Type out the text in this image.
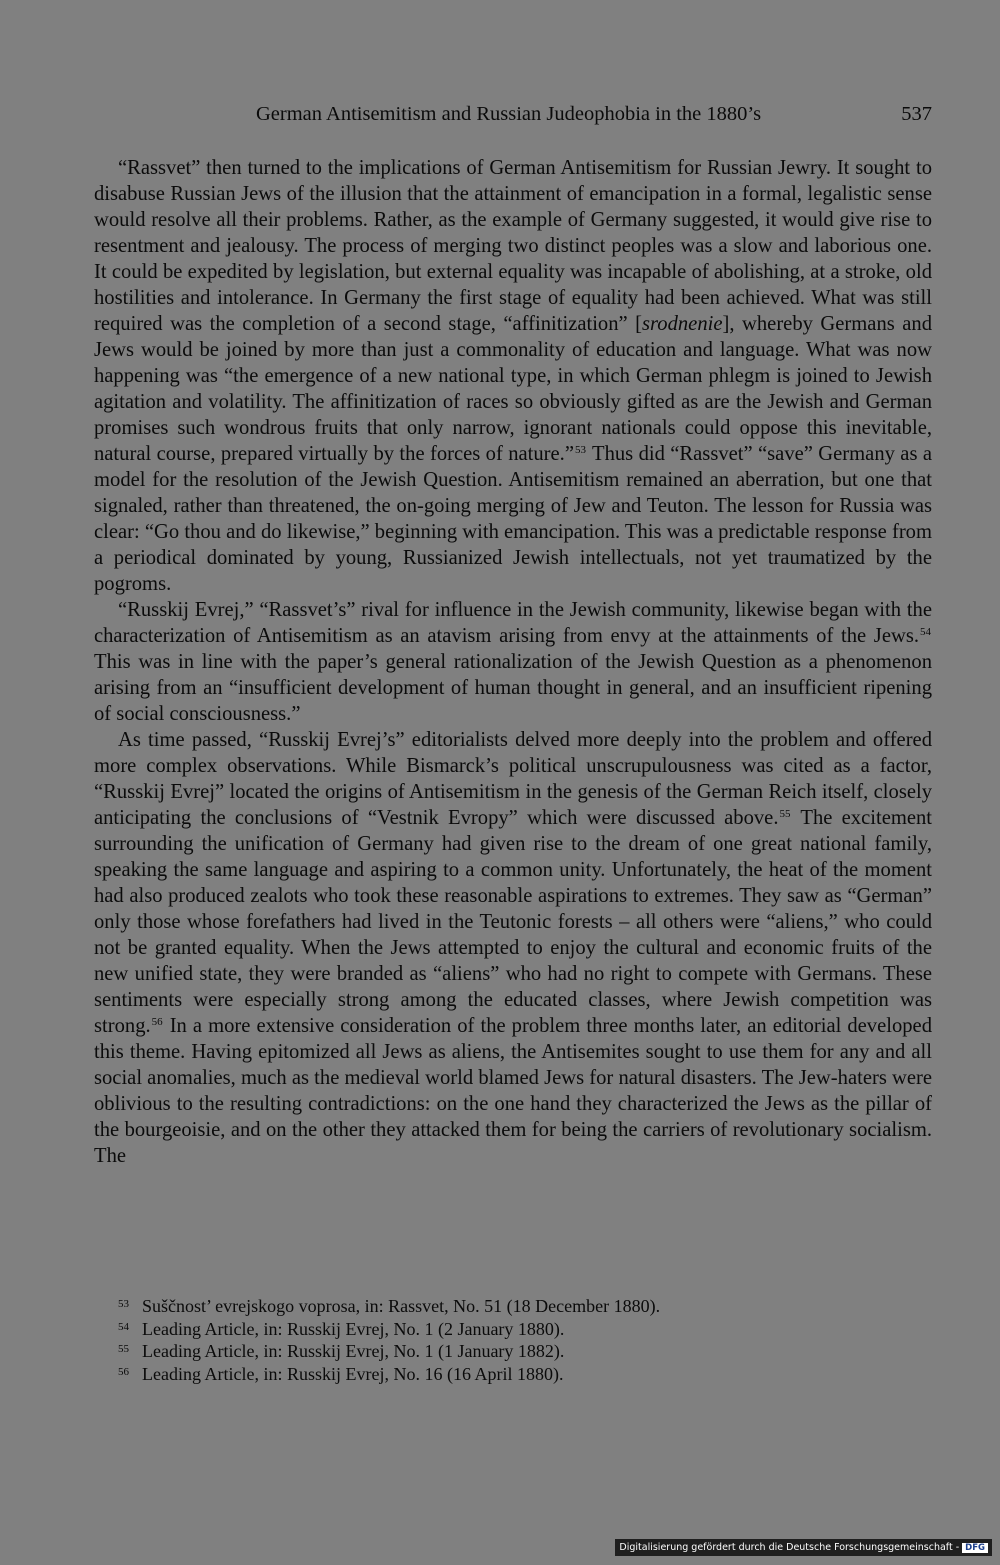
German Antisemitism and Russian Judeophobia in the 1880’s	537

“Rassvet” then turned to the implications of German Antisemitism for Russian Jewry. It sought to disabuse Russian Jews of the illusion that the attainment of emancipation in a formal, legalistic sense would resolve all their problems. Rather, as the example of Germany suggested, it would give rise to resentment and jealousy. The process of merging two distinct peoples was a slow and laborious one. It could be expedited by legislation, but external equality was incapable of abolishing, at a stroke, old hostilities and intolerance. In Germany the first stage of equality had been achieved. What was still required was the completion of a second stage, “affinitization” [srodnenie], whereby Germans and Jews would be joined by more than just a commonality of education and language. What was now happening was “the emergence of a new national type, in which German phlegm is joined to Jewish agitation and volatility. The affinitization of races so obviously gifted as are the Jewish and German promises such wondrous fruits that only narrow, ignorant nationals could oppose this inevitable, natural course, prepared virtually by the forces of nature.”$^{53}$ Thus did “Rassvet” “save” Germany as a model for the resolution of the Jewish Question. Antisemitism remained an aberration, but one that signaled, rather than threatened, the on-going merging of Jew and Teuton. The lesson for Russia was clear: “Go thou and do likewise,” beginning with emancipation. This was a predictable response from a periodical dominated by young, Russianized Jewish intellectuals, not yet traumatized by the pogroms.

“Russkij Evrej,” “Rassvet’s” rival for influence in the Jewish community, likewise began with the characterization of Antisemitism as an atavism arising from envy at the attainments of the Jews.$^{54}$ This was in line with the paper’s general rationalization of the Jewish Question as a phenomenon arising from an “insufficient development of human thought in general, and an insufficient ripening of social consciousness.”

As time passed, “Russkij Evrej’s” editorialists delved more deeply into the problem and offered more complex observations. While Bismarck’s political unscrupulousness was cited as a factor, “Russkij Evrej” located the origins of Antisemitism in the genesis of the German Reich itself, closely anticipating the conclusions of “Vestnik Evropy” which were discussed above.$^{55}$ The excitement surrounding the unification of Germany had given rise to the dream of one great national family, speaking the same language and aspiring to a common unity. Unfortunately, the heat of the moment had also produced zealots who took these reasonable aspirations to extremes. They saw as “German” only those whose forefathers had lived in the Teutonic forests – all others were “aliens,” who could not be granted equality. When the Jews attempted to enjoy the cultural and economic fruits of the new unified state, they were branded as “aliens” who had no right to compete with Germans. These sentiments were especially strong among the educated classes, where Jewish competition was strong.$^{56}$ In a more extensive consideration of the problem three months later, an editorial developed this theme. Having epitomized all Jews as aliens, the Antisemites sought to use them for any and all social anomalies, much as the medieval world blamed Jews for natural disasters. The Jew-haters were oblivious to the resulting contradictions: on the one hand they characterized the Jews as the pillar of the bourgeoisie, and on the other they attacked them for being the carriers of revolutionary socialism. The

53 Suščnost’ evrejskogo voprosa, in: Rassvet, No. 51 (18 December 1880).
54 Leading Article, in: Russkij Evrej, No. 1 (2 January 1880).
55 Leading Article, in: Russkij Evrej, No. 1 (1 January 1882).
56 Leading Article, in: Russkij Evrej, No. 16 (16 April 1880).
Digitalisierung gefördert durch die Deutsche Forschungsgemeinschaft - DFG
